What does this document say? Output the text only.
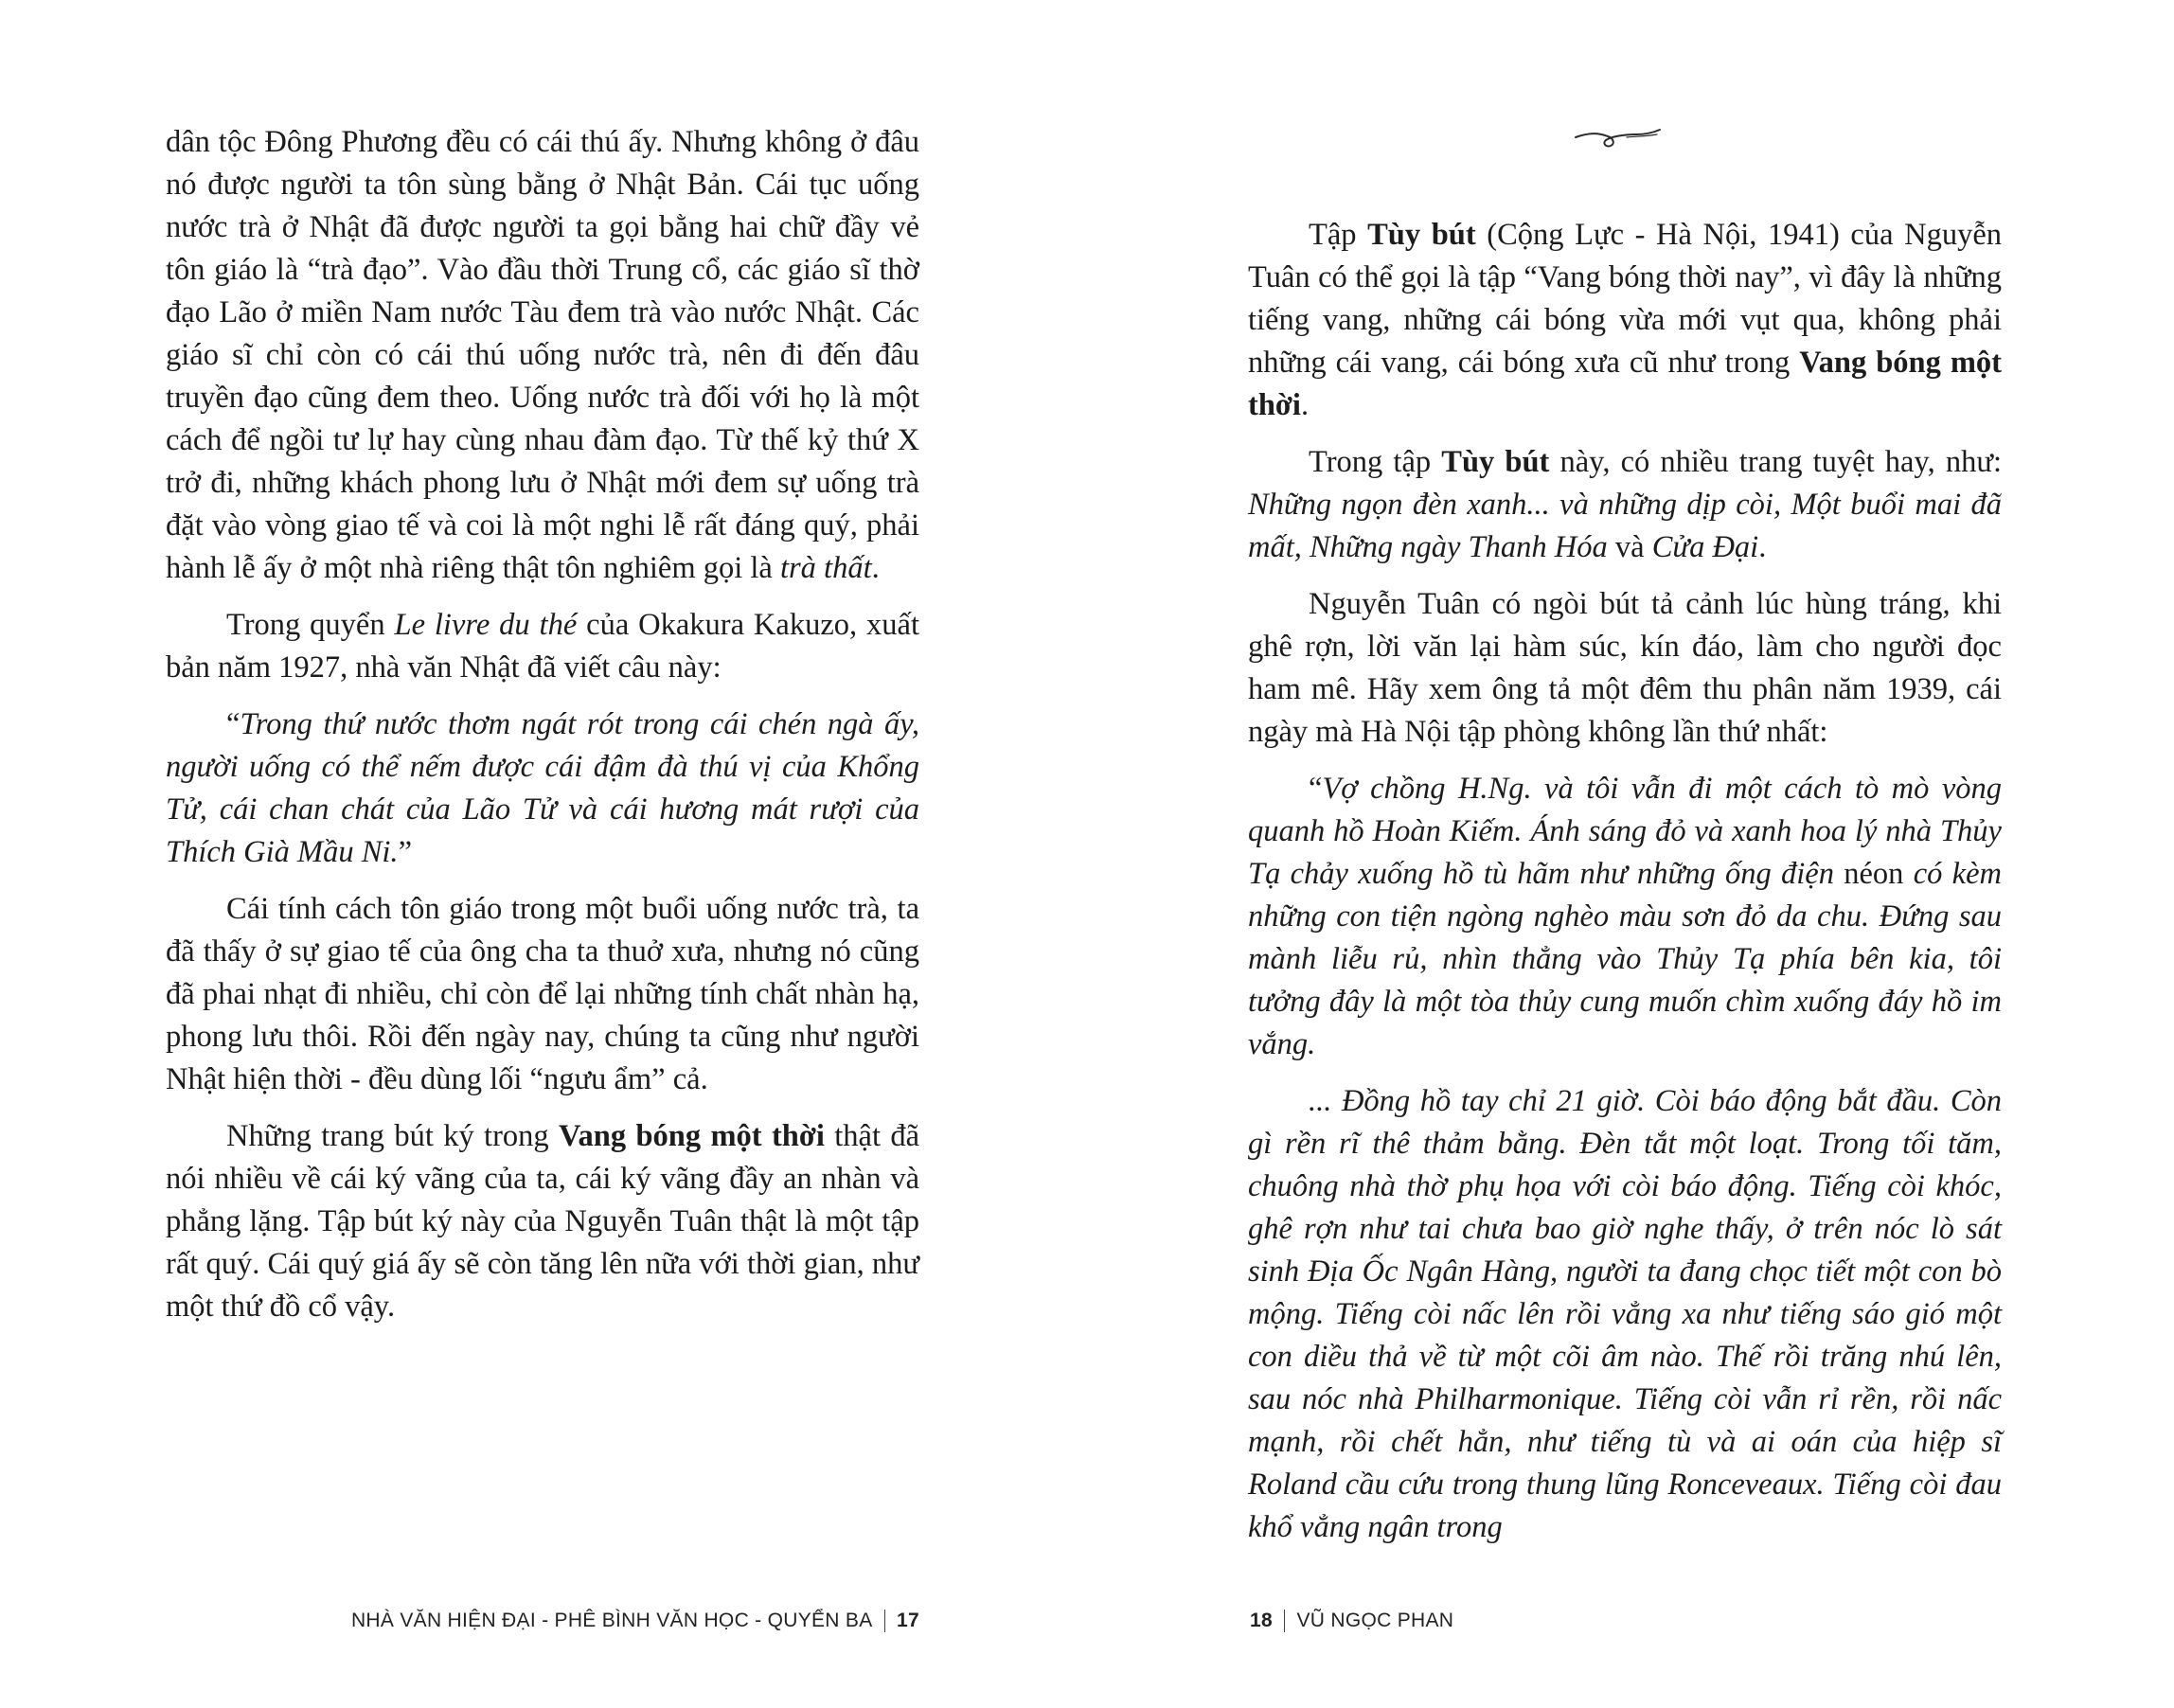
dân tộc Đông Phương đều có cái thú ấy. Nhưng không ở đâu nó được người ta tôn sùng bằng ở Nhật Bản. Cái tục uống nước trà ở Nhật đã được người ta gọi bằng hai chữ đầy vẻ tôn giáo là “trà đạo”. Vào đầu thời Trung cổ, các giáo sĩ thờ đạo Lão ở miền Nam nước Tàu đem trà vào nước Nhật. Các giáo sĩ chỉ còn có cái thú uống nước trà, nên đi đến đâu truyền đạo cũng đem theo. Uống nước trà đối với họ là một cách để ngồi tư lự hay cùng nhau đàm đạo. Từ thế kỷ thứ X trở đi, những khách phong lưu ở Nhật mới đem sự uống trà đặt vào vòng giao tế và coi là một nghi lễ rất đáng quý, phải hành lễ ấy ở một nhà riêng thật tôn nghiêm gọi là trà thất.

Trong quyển Le livre du thé của Okakura Kakuzo, xuất bản năm 1927, nhà văn Nhật đã viết câu này:

“Trong thứ nước thơm ngát rót trong cái chén ngà ấy, người uống có thể nếm được cái đậm đà thú vị của Khổng Tử, cái chan chát của Lão Tử và cái hương mát rượi của Thích Già Mầu Ni.”

Cái tính cách tôn giáo trong một buổi uống nước trà, ta đã thấy ở sự giao tế của ông cha ta thuở xưa, nhưng nó cũng đã phai nhạt đi nhiều, chỉ còn để lại những tính chất nhàn hạ, phong lưu thôi. Rồi đến ngày nay, chúng ta cũng như người Nhật hiện thời - đều dùng lối “ngưu ẩm” cả.

Những trang bút ký trong Vang bóng một thời thật đã nói nhiều về cái ký vãng của ta, cái ký vãng đầy an nhàn và phẳng lặng. Tập bút ký này của Nguyễn Tuân thật là một tập rất quý. Cái quý giá ấy sẽ còn tăng lên nữa với thời gian, như một thứ đồ cổ vậy.

NHÀ VĂN HIỆN ĐẠI - PHÊ BÌNH VĂN HỌC - QUYỂN BA 17

Tập Tùy bút (Cộng Lực - Hà Nội, 1941) của Nguyễn Tuân có thể gọi là tập “Vang bóng thời nay”, vì đây là những tiếng vang, những cái bóng vừa mới vụt qua, không phải những cái vang, cái bóng xưa cũ như trong Vang bóng một thời.

Trong tập Tùy bút này, có nhiều trang tuyệt hay, như: Những ngọn đèn xanh... và những dịp còi, Một buổi mai đã mất, Những ngày Thanh Hóa và Cửa Đại.

Nguyễn Tuân có ngòi bút tả cảnh lúc hùng tráng, khi ghê rợn, lời văn lại hàm súc, kín đáo, làm cho người đọc ham mê. Hãy xem ông tả một đêm thu phân năm 1939, cái ngày mà Hà Nội tập phòng không lần thứ nhất:

“Vợ chồng H.Ng. và tôi vẫn đi một cách tò mò vòng quanh hồ Hoàn Kiếm. Ánh sáng đỏ và xanh hoa lý nhà Thủy Tạ chảy xuống hồ tù hãm như những ống điện néon có kèm những con tiện ngòng nghèo màu sơn đỏ da chu. Đứng sau mành liễu rủ, nhìn thẳng vào Thủy Tạ phía bên kia, tôi tưởng đây là một tòa thủy cung muốn chìm xuống đáy hồ im vắng.

... Đồng hồ tay chỉ 21 giờ. Còi báo động bắt đầu. Còn gì rền rĩ thê thảm bằng. Đèn tắt một loạt. Trong tối tăm, chuông nhà thờ phụ họa với còi báo động. Tiếng còi khóc, ghê rợn như tai chưa bao giờ nghe thấy, ở trên nóc lò sát sinh Địa Ốc Ngân Hàng, người ta đang chọc tiết một con bò mộng. Tiếng còi nấc lên rồi vẳng xa như tiếng sáo gió một con diều thả về từ một cõi âm nào. Thế rồi trăng nhú lên, sau nóc nhà Philharmonique. Tiếng còi vẫn rỉ rền, rồi nấc mạnh, rồi chết hẳn, như tiếng tù và ai oán của hiệp sĩ Roland cầu cứu trong thung lũng Ronceveaux. Tiếng còi đau khổ vẳng ngân trong

18 VŨ NGỌC PHAN
